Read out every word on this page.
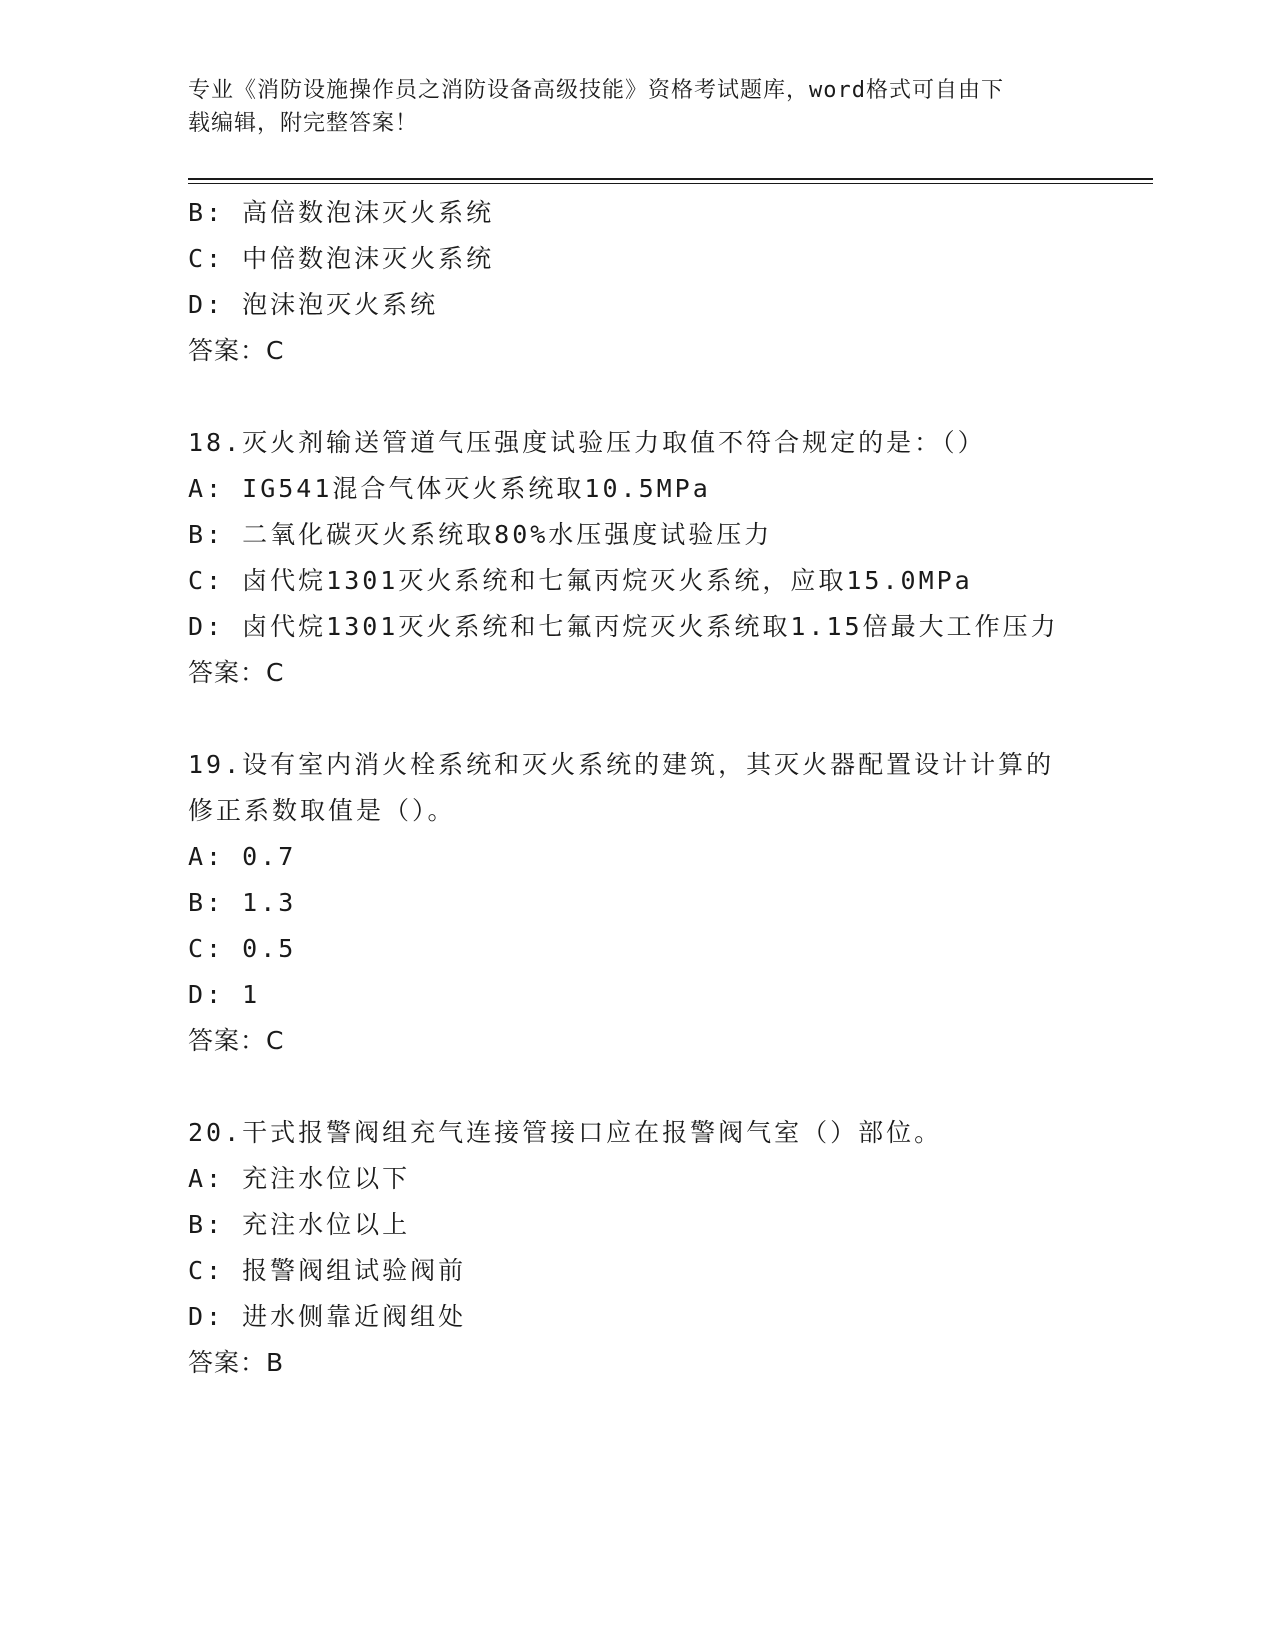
专业《消防设施操作员之消防设备高级技能》资格考试题库，word格式可自由下
载编辑，附完整答案！
B: 高倍数泡沫灭火系统
C: 中倍数泡沫灭火系统
D: 泡沫泡灭火系统
答案：C
18.灭火剂输送管道气压强度试验压力取值不符合规定的是：（）
A: IG541混合气体灭火系统取10.5MPa
B: 二氧化碳灭火系统取80%水压强度试验压力
C: 卤代烷1301灭火系统和七氟丙烷灭火系统，应取15.0MPa
D: 卤代烷1301灭火系统和七氟丙烷灭火系统取1.15倍最大工作压力
答案：C
19.设有室内消火栓系统和灭火系统的建筑，其灭火器配置设计计算的
修正系数取值是（）。
A: 0.7
B: 1.3
C: 0.5
D: 1
答案：C
20.干式报警阀组充气连接管接口应在报警阀气室（）部位。
A: 充注水位以下
B: 充注水位以上
C: 报警阀组试验阀前
D: 进水侧靠近阀组处
答案：B
